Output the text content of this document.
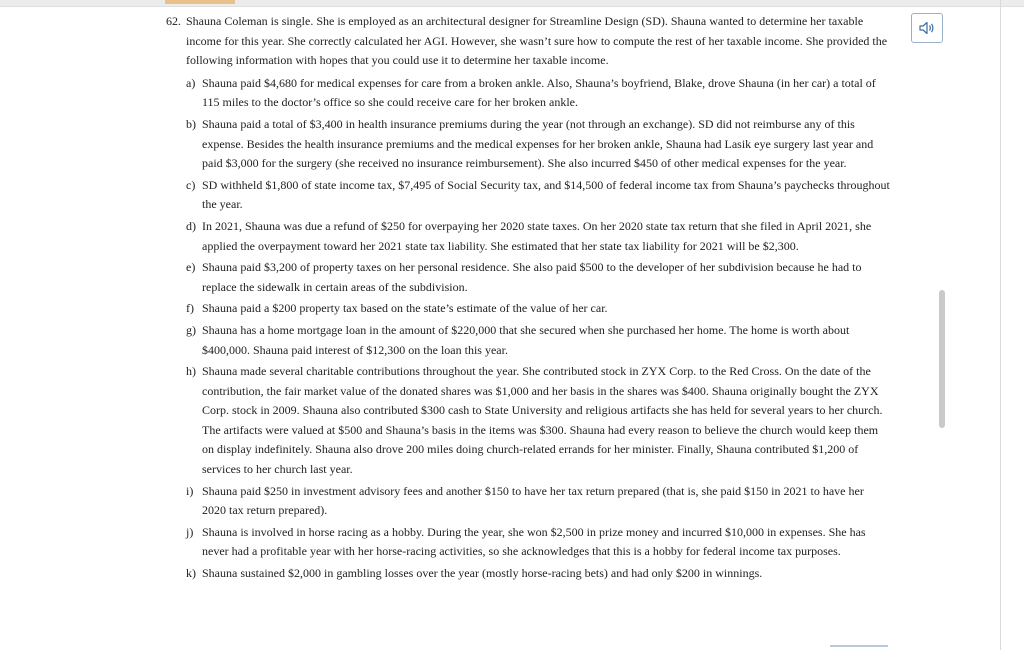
62. Shauna Coleman is single. She is employed as an architectural designer for Streamline Design (SD). Shauna wanted to determine her taxable income for this year. She correctly calculated her AGI. However, she wasn’t sure how to compute the rest of her taxable income. She provided the following information with hopes that you could use it to determine her taxable income.

a) Shauna paid $4,680 for medical expenses for care from a broken ankle. Also, Shauna’s boyfriend, Blake, drove Shauna (in her car) a total of 115 miles to the doctor’s office so she could receive care for her broken ankle.
b) Shauna paid a total of $3,400 in health insurance premiums during the year (not through an exchange). SD did not reimburse any of this expense. Besides the health insurance premiums and the medical expenses for her broken ankle, Shauna had Lasik eye surgery last year and paid $3,000 for the surgery (she received no insurance reimbursement). She also incurred $450 of other medical expenses for the year.
c) SD withheld $1,800 of state income tax, $7,495 of Social Security tax, and $14,500 of federal income tax from Shauna’s paychecks throughout the year.
d) In 2021, Shauna was due a refund of $250 for overpaying her 2020 state taxes. On her 2020 state tax return that she filed in April 2021, she applied the overpayment toward her 2021 state tax liability. She estimated that her state tax liability for 2021 will be $2,300.
e) Shauna paid $3,200 of property taxes on her personal residence. She also paid $500 to the developer of her subdivision because he had to replace the sidewalk in certain areas of the subdivision.
f) Shauna paid a $200 property tax based on the state’s estimate of the value of her car.
g) Shauna has a home mortgage loan in the amount of $220,000 that she secured when she purchased her home. The home is worth about $400,000. Shauna paid interest of $12,300 on the loan this year.
h) Shauna made several charitable contributions throughout the year. She contributed stock in ZYX Corp. to the Red Cross. On the date of the contribution, the fair market value of the donated shares was $1,000 and her basis in the shares was $400. Shauna originally bought the ZYX Corp. stock in 2009. Shauna also contributed $300 cash to State University and religious artifacts she has held for several years to her church. The artifacts were valued at $500 and Shauna’s basis in the items was $300. Shauna had every reason to believe the church would keep them on display indefinitely. Shauna also drove 200 miles doing church-related errands for her minister. Finally, Shauna contributed $1,200 of services to her church last year.
i) Shauna paid $250 in investment advisory fees and another $150 to have her tax return prepared (that is, she paid $150 in 2021 to have her 2020 tax return prepared).
j) Shauna is involved in horse racing as a hobby. During the year, she won $2,500 in prize money and incurred $10,000 in expenses. She has never had a profitable year with her horse-racing activities, so she acknowledges that this is a hobby for federal income tax purposes.
k) Shauna sustained $2,000 in gambling losses over the year (mostly horse-racing bets) and had only $200 in winnings.
